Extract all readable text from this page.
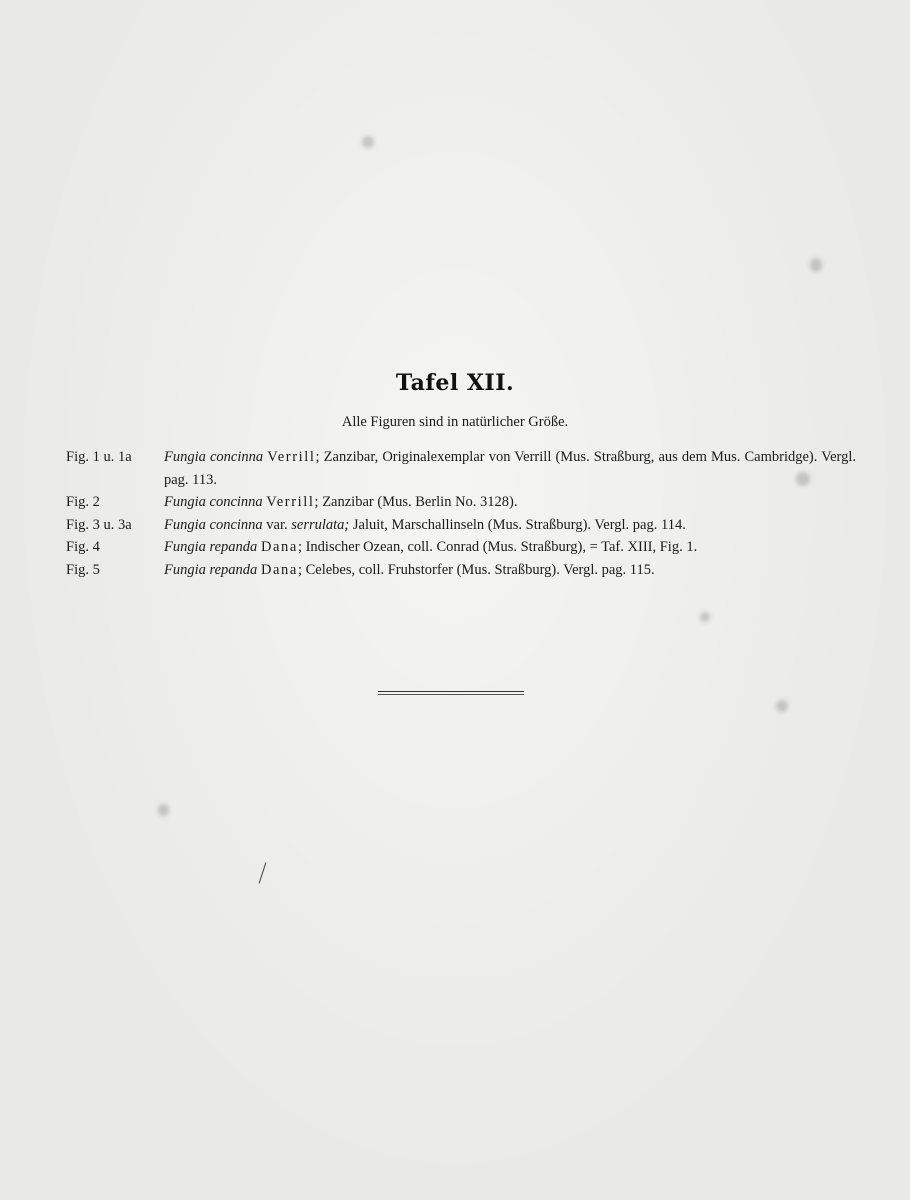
Tafel XII.
Alle Figuren sind in natürlicher Größe.
Fig. 1 u. 1a	Fungia concinna Verrill; Zanzibar, Originalexemplar von Verrill (Mus. Straßburg, aus dem Mus. Cambridge). Vergl. pag. 113.
Fig. 2	Fungia concinna Verrill; Zanzibar (Mus. Berlin No. 3128).
Fig. 3 u. 3a	Fungia concinna var. serrulata; Jaluit, Marschallinseln (Mus. Straßburg). Vergl. pag. 114.
Fig. 4	Fungia repanda Dana; Indischer Ozean, coll. Conrad (Mus. Straßburg), = Taf. XIII, Fig. 1.
Fig. 5	Fungia repanda Dana; Celebes, coll. Fruhstorfer (Mus. Straßburg). Vergl. pag. 115.
